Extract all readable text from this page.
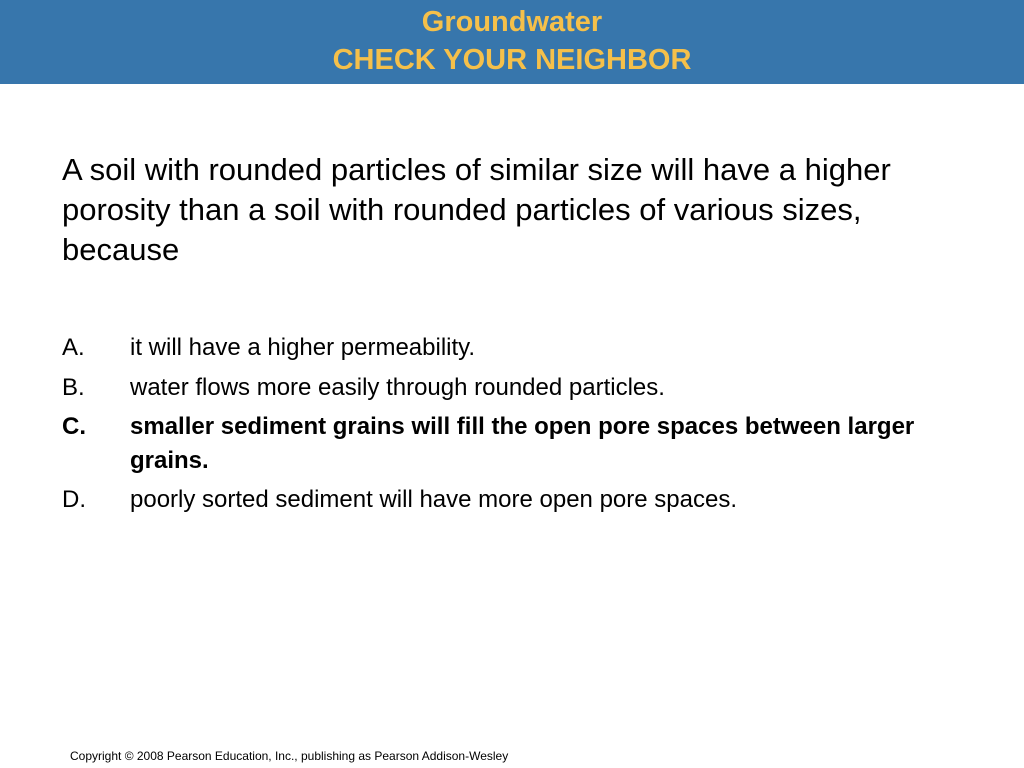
Groundwater
CHECK YOUR NEIGHBOR
A soil with rounded particles of similar size will have a higher porosity than a soil with rounded particles of various sizes, because
A.	it will have a higher permeability.
B.	water flows more easily through rounded particles.
C.	smaller sediment grains will fill the open pore spaces between larger grains.
D.	poorly sorted sediment will have more open pore spaces.
Copyright © 2008 Pearson Education, Inc., publishing as Pearson Addison-Wesley
